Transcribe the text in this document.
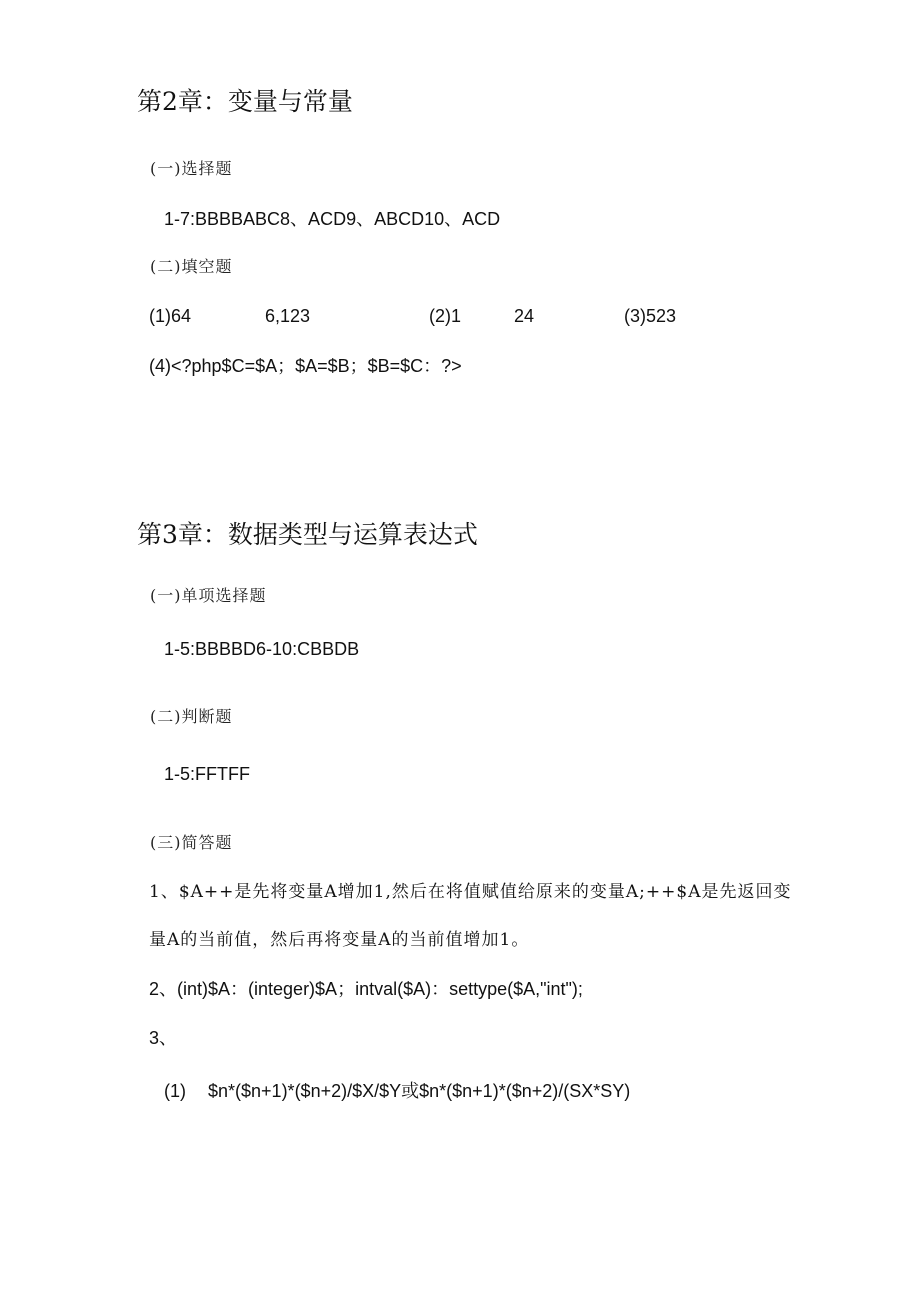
第2章：变量与常量
(一)选择题
1-7:BBBBABC8、ACD9、ABCD10、ACD
(二)填空题
(1)64	6,123	(2)1	24	(3)523
(4)<?php$C=$A；$A=$B；$B=$C：?>
第3章：数据类型与运算表达式
(一)单项选择题
1-5:BBBBD6-10:CBBDB
(二)判断题
1-5:FFTFF
(三)简答题
1、$A++是先将变量A增加1,然后在将值赋值给原来的变量A;++$A是先返回变
量A的当前值，然后再将变量A的当前值增加1。
2、(int)$A：(integer)$A；intval($A)：settype($A,"int");
3、
(1) $n*($n+1)*($n+2)/$X/$Y或$n*($n+1)*($n+2)/(SX*SY)
